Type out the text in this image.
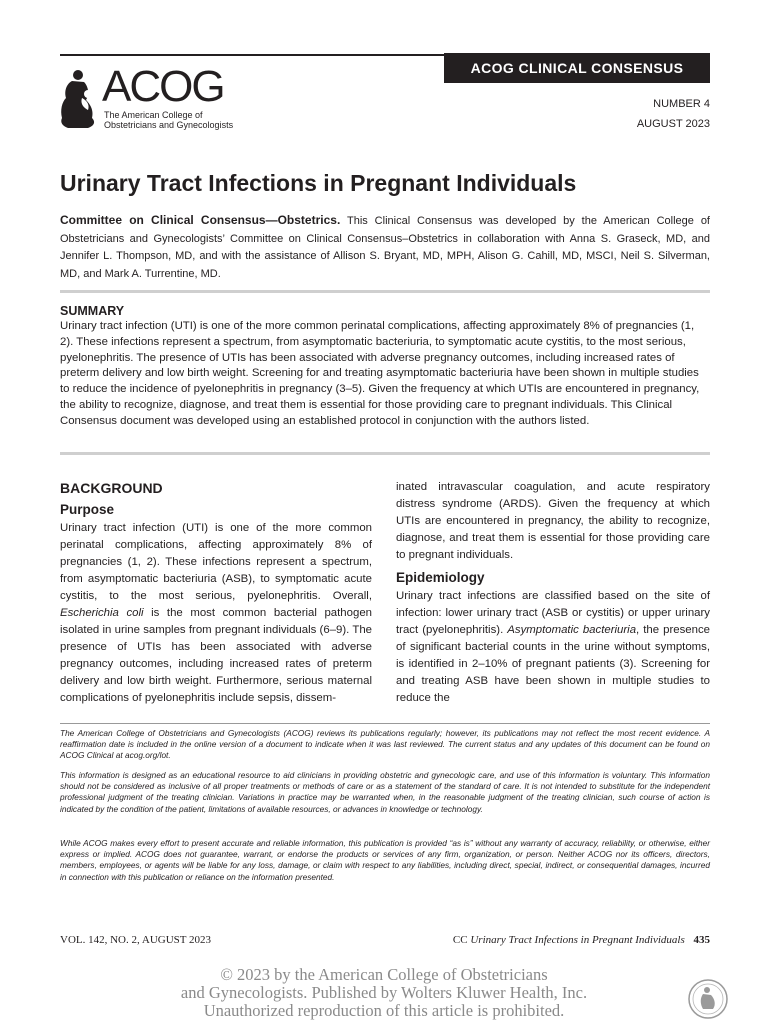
ACOG CLINICAL CONSENSUS
ACOG
The American College of
Obstetricians and Gynecologists
NUMBER 4
AUGUST 2023
Urinary Tract Infections in Pregnant Individuals

Committee on Clinical Consensus—Obstetrics. This Clinical Consensus was developed by the American College of Obstetricians and Gynecologists’ Committee on Clinical Consensus–Obstetrics in collaboration with Anna S. Graseck, MD, and Jennifer L. Thompson, MD, and with the assistance of Allison S. Bryant, MD, MPH, Alison G. Cahill, MD, MSCI, Neil S. Silverman, MD, and Mark A. Turrentine, MD.

SUMMARY

Urinary tract infection (UTI) is one of the more common perinatal complications, affecting approximately 8% of pregnancies (1, 2). These infections represent a spectrum, from asymptomatic bacteriuria, to symptomatic acute cystitis, to the most serious, pyelonephritis. The presence of UTIs has been associated with adverse pregnancy outcomes, including increased rates of preterm delivery and low birth weight. Screening for and treating asymptomatic bacteriuria have been shown in multiple studies to reduce the incidence of pyelonephritis in pregnancy (3–5). Given the frequency at which UTIs are encountered in pregnancy, the ability to recognize, diagnose, and treat them is essential for those providing care to pregnant individuals. This Clinical Consensus document was developed using an established protocol in conjunction with the authors listed.

BACKGROUND
Purpose

Urinary tract infection (UTI) is one of the more common perinatal complications, affecting approximately 8% of pregnancies (1, 2). These infections represent a spectrum, from asymptomatic bacteriuria (ASB), to symptomatic acute cystitis, to the most serious, pyelonephritis. Overall, Escherichia coli is the most common bacterial pathogen isolated in urine samples from pregnant individuals (6–9). The presence of UTIs has been associated with adverse pregnancy outcomes, including increased rates of preterm delivery and low birth weight. Furthermore, serious maternal complications of pyelonephritis include sepsis, dissem-

inated intravascular coagulation, and acute respiratory distress syndrome (ARDS). Given the frequency at which UTIs are encountered in pregnancy, the ability to recognize, diagnose, and treat them is essential for those providing care to pregnant individuals.

Epidemiology

Urinary tract infections are classified based on the site of infection: lower urinary tract (ASB or cystitis) or upper urinary tract (pyelonephritis). Asymptomatic bacteriuria, the presence of significant bacterial counts in the urine without symptoms, is identified in 2–10% of pregnant patients (3). Screening for and treating ASB have been shown in multiple studies to reduce the

The American College of Obstetricians and Gynecologists (ACOG) reviews its publications regularly; however, its publications may not reflect the most recent evidence. A reaffirmation date is included in the online version of a document to indicate when it was last reviewed. The current status and any updates of this document can be found on ACOG Clinical at acog.org/lot.

This information is designed as an educational resource to aid clinicians in providing obstetric and gynecologic care, and use of this information is voluntary. This information should not be considered as inclusive of all proper treatments or methods of care or as a statement of the standard of care. It is not intended to substitute for the independent professional judgment of the treating clinician. Variations in practice may be warranted when, in the reasonable judgment of the treating clinician, such course of action is indicated by the condition of the patient, limitations of available resources, or advances in knowledge or technology.

While ACOG makes every effort to present accurate and reliable information, this publication is provided “as is” without any warranty of accuracy, reliability, or otherwise, either express or implied. ACOG does not guarantee, warrant, or endorse the products or services of any firm, organization, or person. Neither ACOG nor its officers, directors, members, employees, or agents will be liable for any loss, damage, or claim with respect to any liabilities, including direct, special, indirect, or consequential damages, incurred in connection with this publication or reliance on the information presented.

VOL. 142, NO. 2, AUGUST 2023	CC Urinary Tract Infections in Pregnant Individuals 435
© 2023 by the American College of Obstetricians
and Gynecologists. Published by Wolters Kluwer Health, Inc.
Unauthorized reproduction of this article is prohibited.
